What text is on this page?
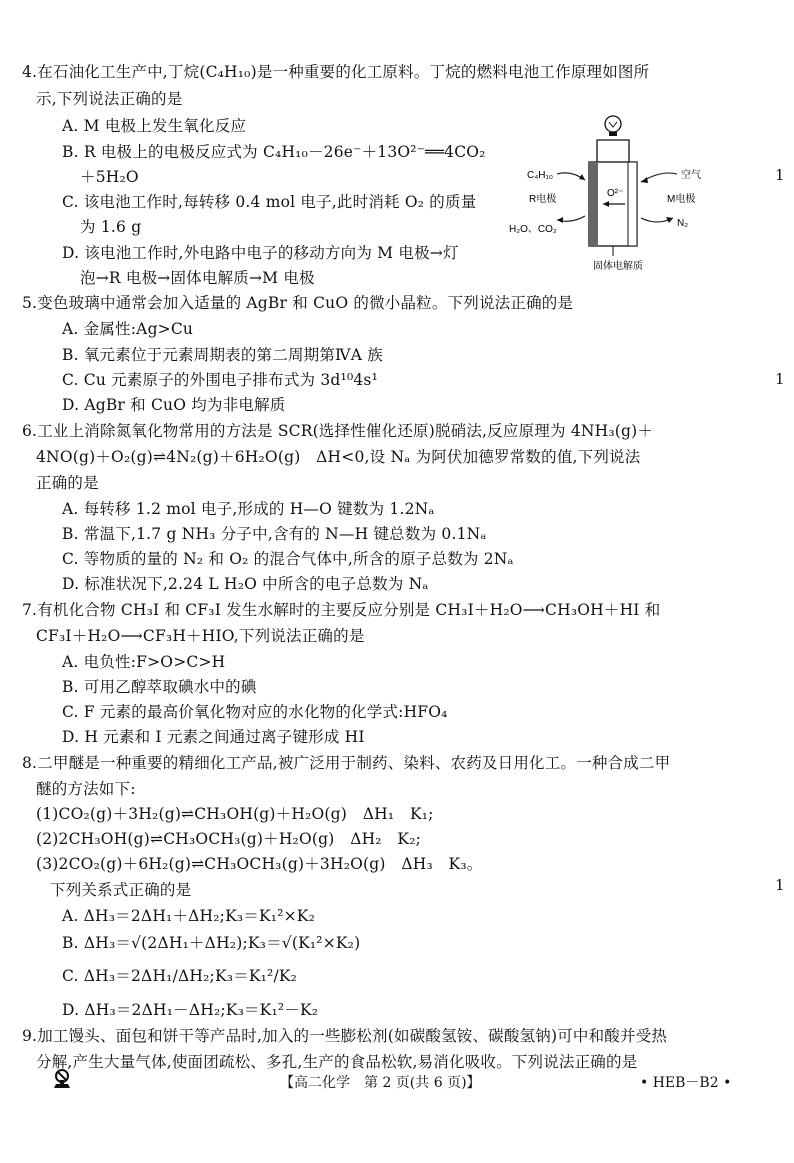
4.在石油化工生产中,丁烷(C₄H₁₀)是一种重要的化工原料。丁烷的燃料电池工作原理如图所
示,下列说法正确的是
A. M 电极上发生氧化反应
B. R 电极上的电极反应式为 C₄H₁₀－26e⁻＋13O²⁻══4CO₂
＋5H₂O
C. 该电池工作时,每转移 0.4 mol 电子,此时消耗 O₂ 的质量
为 1.6 g
D. 该电池工作时,外电路中电子的移动方向为 M 电极→灯
泡→R 电极→固体电解质→M 电极
C₄H₁₀
R电极
O²⁻
空气
M电极
H₂O、CO₂
N₂
固体电解质
5.变色玻璃中通常会加入适量的 AgBr 和 CuO 的微小晶粒。下列说法正确的是
A. 金属性:Ag>Cu
B. 氧元素位于元素周期表的第二周期第ⅣA 族
C. Cu 元素原子的外围电子排布式为 3d¹⁰4s¹
D. AgBr 和 CuO 均为非电解质
6.工业上消除氮氧化物常用的方法是 SCR(选择性催化还原)脱硝法,反应原理为 4NH₃(g)＋
4NO(g)＋O₂(g)⇌4N₂(g)＋6H₂O(g)　ΔH<0,设 Nₐ 为阿伏加德罗常数的值,下列说法
正确的是
A. 每转移 1.2 mol 电子,形成的 H—O 键数为 1.2Nₐ
B. 常温下,1.7 g NH₃ 分子中,含有的 N—H 键总数为 0.1Nₐ
C. 等物质的量的 N₂ 和 O₂ 的混合气体中,所含的原子总数为 2Nₐ
D. 标准状况下,2.24 L H₂O 中所含的电子总数为 Nₐ
7.有机化合物 CH₃I 和 CF₃I 发生水解时的主要反应分别是 CH₃I＋H₂O⟶CH₃OH＋HI 和
CF₃I＋H₂O⟶CF₃H＋HIO,下列说法正确的是
A. 电负性:F>O>C>H
B. 可用乙醇萃取碘水中的碘
C. F 元素的最高价氧化物对应的水化物的化学式:HFO₄
D. H 元素和 I 元素之间通过离子键形成 HI
8.二甲醚是一种重要的精细化工产品,被广泛用于制药、染料、农药及日用化工。一种合成二甲
醚的方法如下:
(1)CO₂(g)＋3H₂(g)⇌CH₃OH(g)＋H₂O(g)　ΔH₁　K₁;
(2)2CH₃OH(g)⇌CH₃OCH₃(g)＋H₂O(g)　ΔH₂　K₂;
(3)2CO₂(g)＋6H₂(g)⇌CH₃OCH₃(g)＋3H₂O(g)　ΔH₃　K₃。
下列关系式正确的是
A. ΔH₃＝2ΔH₁＋ΔH₂;K₃＝K₁²×K₂
B. ΔH₃＝√(2ΔH₁＋ΔH₂);K₃＝√(K₁²×K₂)
C. ΔH₃＝2ΔH₁/ΔH₂;K₃＝K₁²/K₂
D. ΔH₃＝2ΔH₁－ΔH₂;K₃＝K₁²－K₂
9.加工馒头、面包和饼干等产品时,加入的一些膨松剂(如碳酸氢铵、碳酸氢钠)可中和酸并受热
分解,产生大量气体,使面团疏松、多孔,生产的食品松软,易消化吸收。下列说法正确的是
1
1
1
【高二化学　第 2 页(共 6 页)】	• HEB－B2 •
